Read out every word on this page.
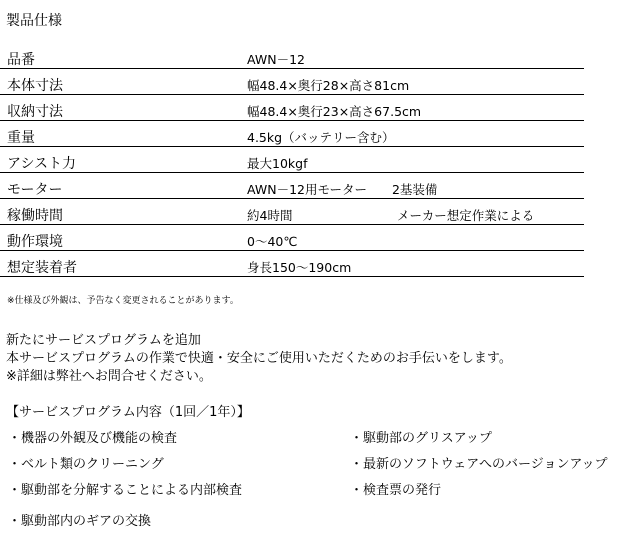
製品仕様
品番	AWN－12
本体寸法	幅48.4×奥行28×高さ81cm
収納寸法	幅48.4×奥行23×高さ67.5cm
重量	4.5kg（バッテリー含む）
アシスト力	最大10kgf
モーター	AWN－12用モーター　　2基装備
稼働時間	約4時間	メーカー想定作業による
動作環境	0～40℃
想定装着者	身長150～190cm
※仕様及び外観は、予告なく変更されることがあります。
新たにサービスプログラムを追加
本サービスプログラムの作業で快適・安全にご使用いただくためのお手伝いをします。
※詳細は弊社へお問合せください。
【サービスプログラム内容（1回／1年）】
・機器の外観及び機能の検査
・ベルト類のクリーニング
・駆動部を分解することによる内部検査
・駆動部内のギアの交換
・駆動部のグリスアップ
・最新のソフトウェアへのバージョンアップ
・検査票の発行
